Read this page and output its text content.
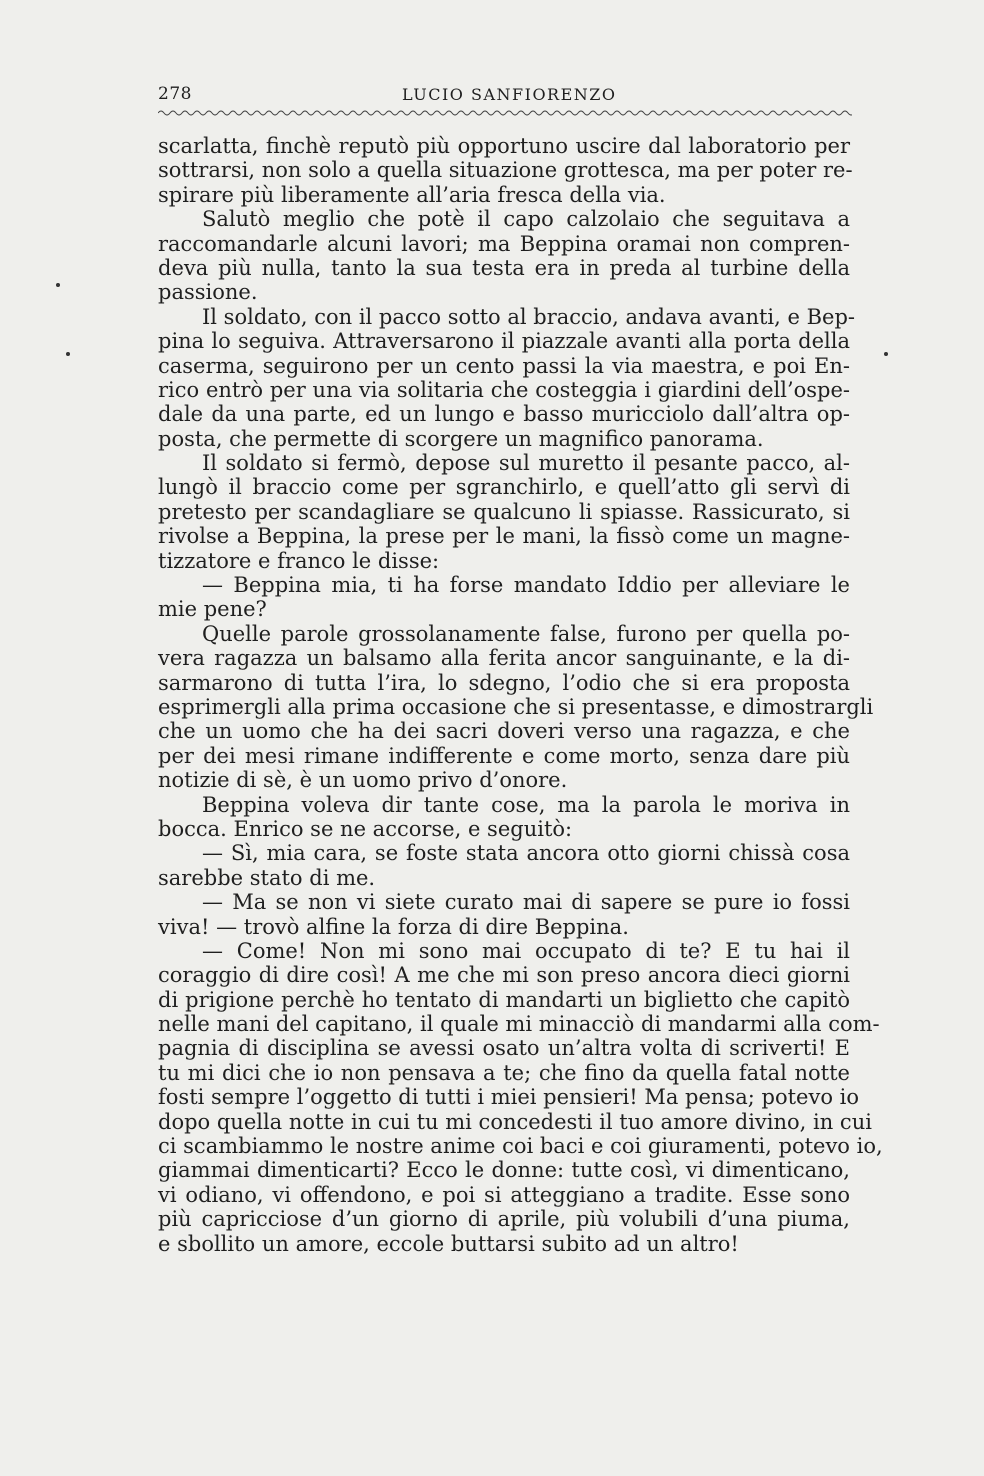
278	LUCIO SANFIORENZO
scarlatta, finchè reputò più opportuno uscire dal laboratorio per
sottrarsi, non solo a quella situazione grottesca, ma per poter re-
spirare più liberamente all’aria fresca della via.
Salutò meglio che potè il capo calzolaio che seguitava a
raccomandarle alcuni lavori; ma Beppina oramai non compren-
deva più nulla, tanto la sua testa era in preda al turbine della
passione.
Il soldato, con il pacco sotto al braccio, andava avanti, e Bep-
pina lo seguiva. Attraversarono il piazzale avanti alla porta della
caserma, seguirono per un cento passi la via maestra, e poi En-
rico entrò per una via solitaria che costeggia i giardini dell’ospe-
dale da una parte, ed un lungo e basso muricciolo dall’altra op-
posta, che permette di scorgere un magnifico panorama.
Il soldato si fermò, depose sul muretto il pesante pacco, al-
lungò il braccio come per sgranchirlo, e quell’atto gli servì di
pretesto per scandagliare se qualcuno li spiasse. Rassicurato, si
rivolse a Beppina, la prese per le mani, la fissò come un magne-
tizzatore e franco le disse:
— Beppina mia, ti ha forse mandato Iddio per alleviare le
mie pene?
Quelle parole grossolanamente false, furono per quella po-
vera ragazza un balsamo alla ferita ancor sanguinante, e la di-
sarmarono di tutta l’ira, lo sdegno, l’odio che si era proposta
esprimergli alla prima occasione che si presentasse, e dimostrargli
che un uomo che ha dei sacri doveri verso una ragazza, e che
per dei mesi rimane indifferente e come morto, senza dare più
notizie di sè, è un uomo privo d’onore.
Beppina voleva dir tante cose, ma la parola le moriva in
bocca. Enrico se ne accorse, e seguitò:
— Sì, mia cara, se foste stata ancora otto giorni chissà cosa
sarebbe stato di me.
— Ma se non vi siete curato mai di sapere se pure io fossi
viva! — trovò alfine la forza di dire Beppina.
— Come! Non mi sono mai occupato di te? E tu hai il
coraggio di dire così! A me che mi son preso ancora dieci giorni
di prigione perchè ho tentato di mandarti un biglietto che capitò
nelle mani del capitano, il quale mi minacciò di mandarmi alla com-
pagnia di disciplina se avessi osato un’altra volta di scriverti! E
tu mi dici che io non pensava a te; che fino da quella fatal notte
fosti sempre l’oggetto di tutti i miei pensieri! Ma pensa; potevo io
dopo quella notte in cui tu mi concedesti il tuo amore divino, in cui
ci scambiammo le nostre anime coi baci e coi giuramenti, potevo io,
giammai dimenticarti? Ecco le donne: tutte così, vi dimenticano,
vi odiano, vi offendono, e poi si atteggiano a tradite. Esse sono
più capricciose d’un giorno di aprile, più volubili d’una piuma,
e sbollito un amore, eccole buttarsi subito ad un altro!
